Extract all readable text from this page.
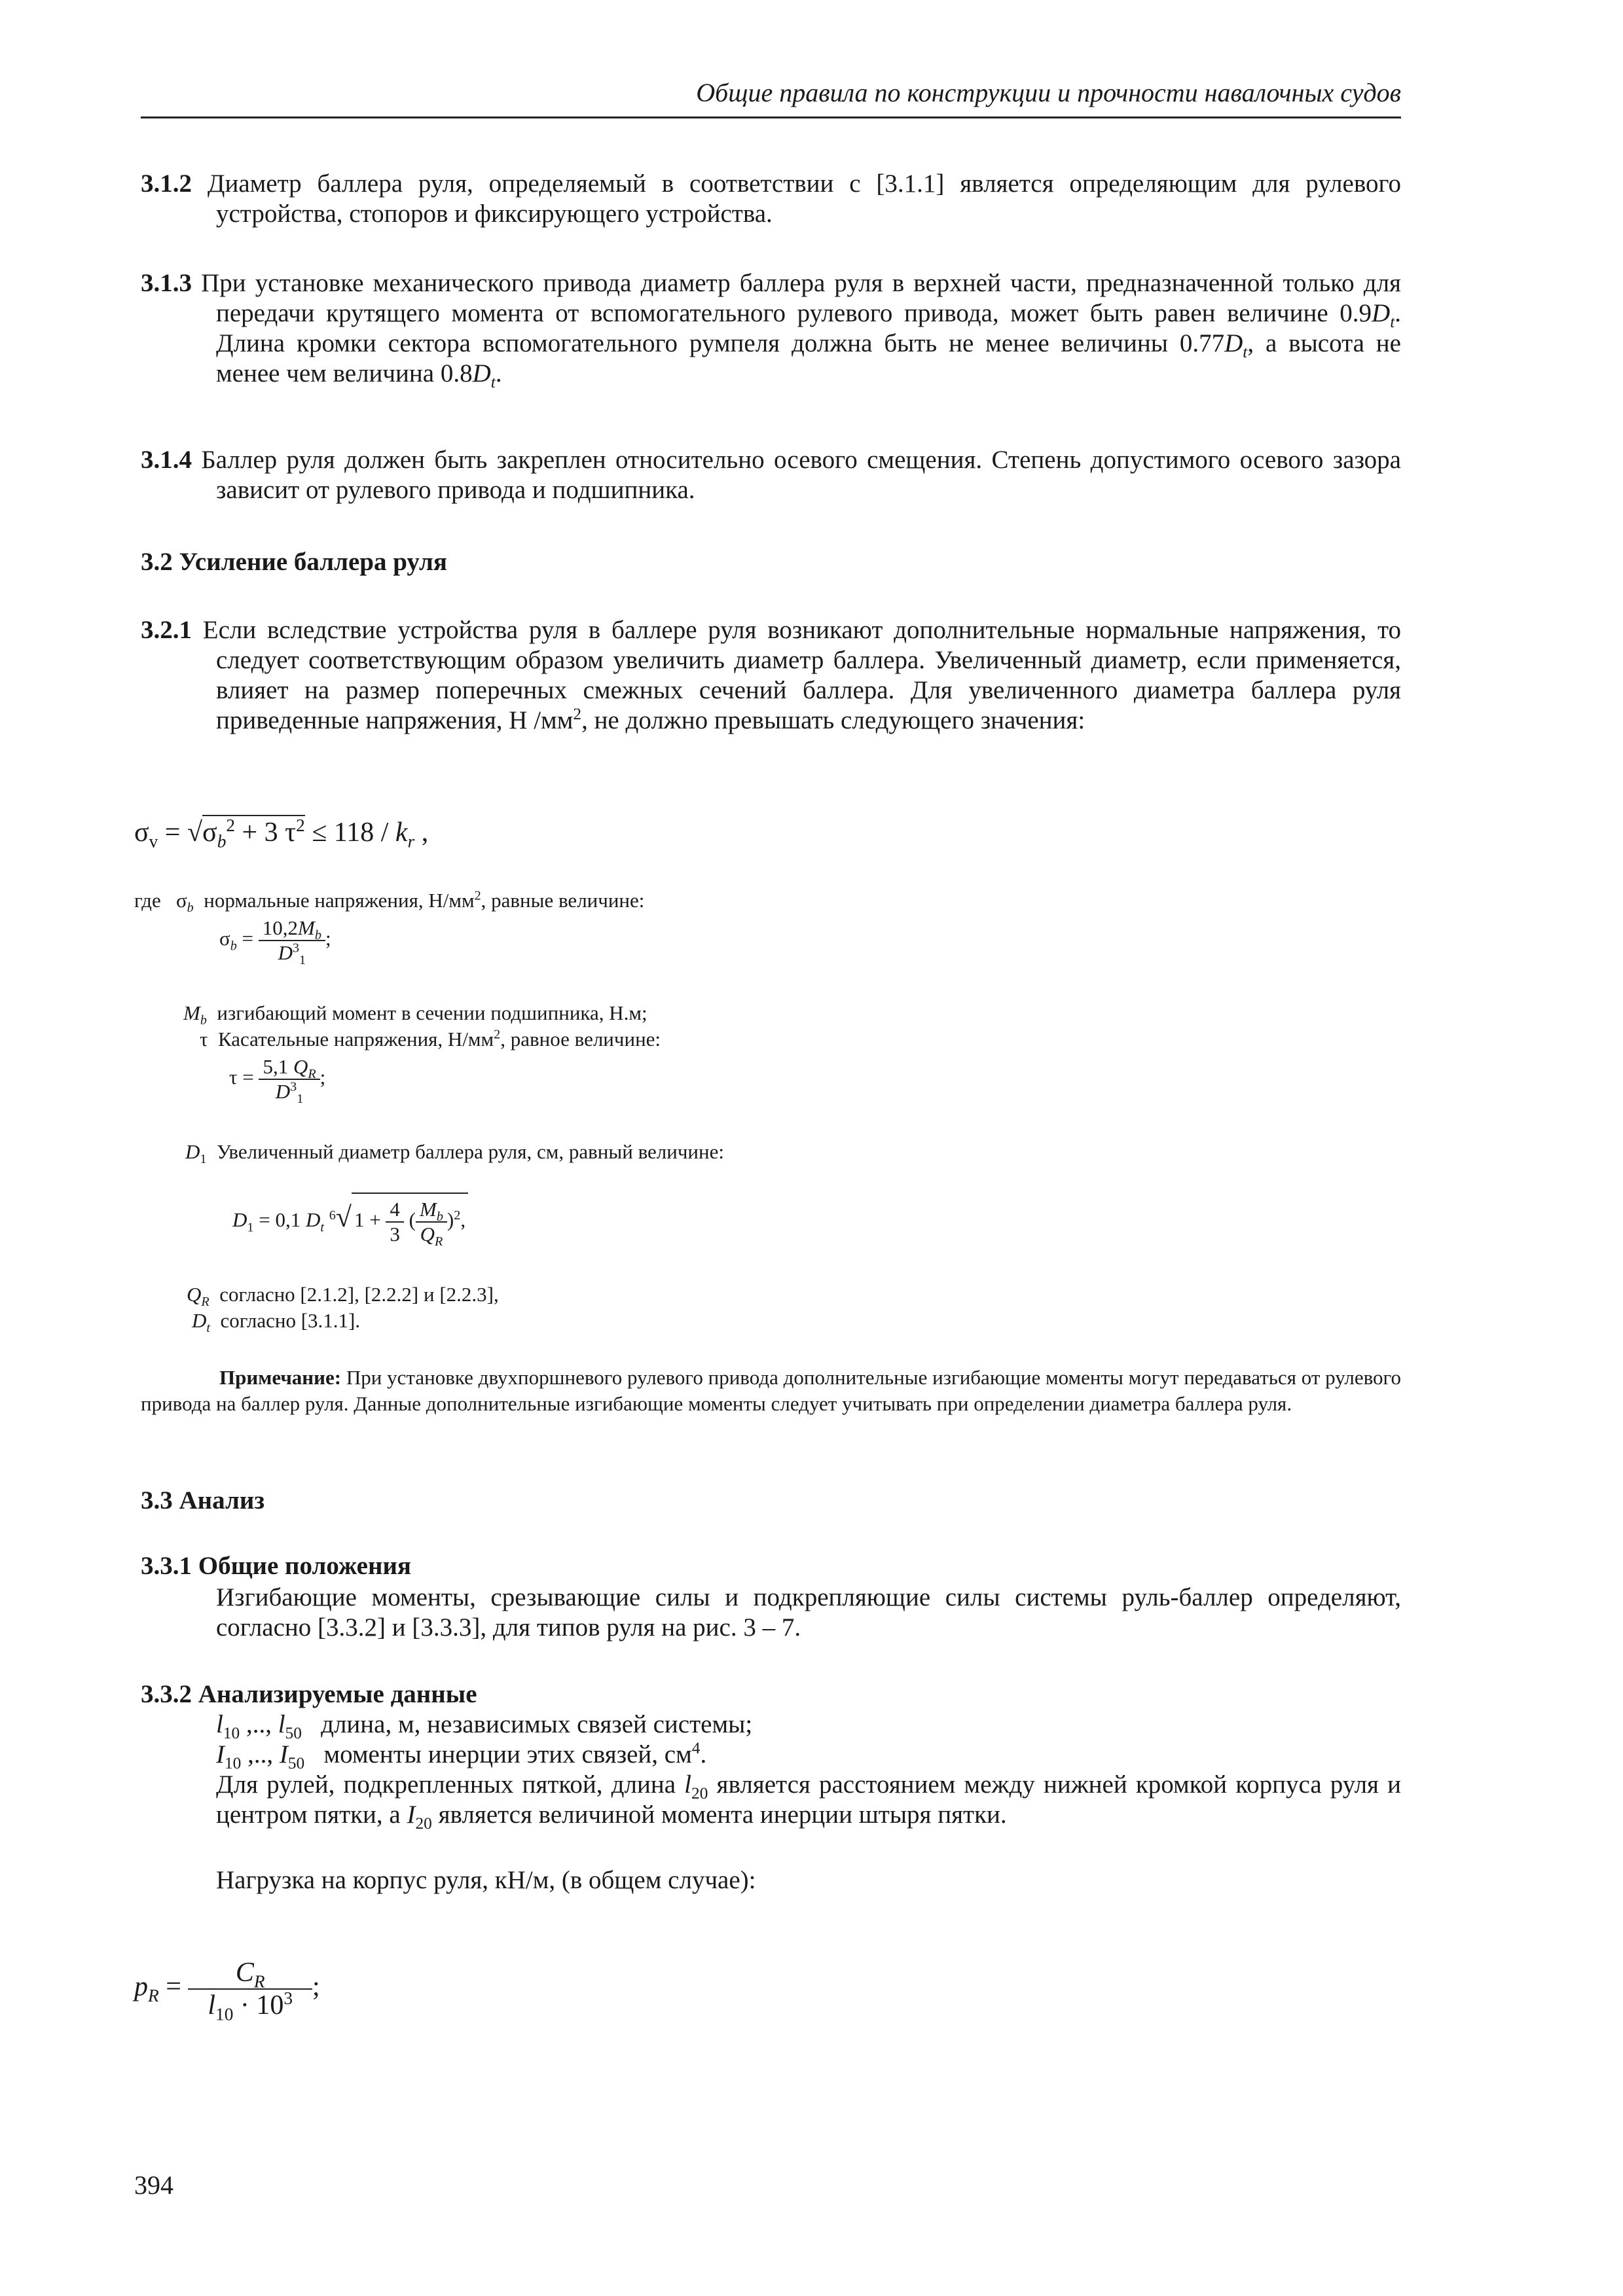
Общие правила по конструкции и прочности навалочных судов
3.1.2 Диаметр баллера руля, определяемый в соответствии с [3.1.1] является определяющим для рулевого устройства, стопоров и фиксирующего устройства.
3.1.3 При установке механического привода диаметр баллера руля в верхней части, предназначенной только для передачи крутящего момента от вспомогательного рулевого привода, может быть равен величине $0.9D_t$. Длина кромки сектора вспомогательного румпеля должна быть не менее величины $0.77D_t$, а высота не менее чем величина $0.8D_t$.
3.1.4 Баллер руля должен быть закреплен относительно осевого смещения. Степень допустимого осевого зазора зависит от рулевого привода и подшипника.
3.2 Усиление баллера руля
3.2.1 Если вследствие устройства руля в баллере руля возникают дополнительные нормальные напряжения, то следует соответствующим образом увеличить диаметр баллера. Увеличенный диаметр, если применяется, влияет на размер поперечных смежных сечений баллера. Для увеличенного диаметра баллера руля приведенные напряжения, Н $/мм^2$, не должно превышать следующего значения:
$\sigma_v = √\sigma_b^2 + 3$ $\tau^2 \le 118 / k_r$ ,
где $\sigma_b$ нормальные напряжения, $Н/мм^2$, равные величине:
$\sigma_b = \frac{10,2M_b}{D^3_1}$ ;
$M_b$ изгибающий момент в сечении подшипника, Н.м;
τ Касательные напряжения, $Н/мм^2$, равное величине:
$\tau = \frac{5,1 Q_R}{D^3_1}$ ;
$D_1$ Увеличенный диаметр баллера руля, см, равный величине:
$D_1 = 0,1$ $D_t$ $^6$√ $1 + \frac{4}{3}$ ( $\frac{M_b}{Q_R} )^2$,
$Q_R$ согласно [2.1.2], [2.2.2] и [2.2.3],
$D_t$ согласно [3.1.1].
Примечание: При установке двухпоршневого рулевого привода дополнительные изгибающие моменты могут передаваться от рулевого привода на баллер руля. Данные дополнительные изгибающие моменты следует учитывать при определении диаметра баллера руля.
3.3 Анализ
3.3.1 Общие положения
Изгибающие моменты, срезывающие силы и подкрепляющие силы системы руль-баллер определяют, согласно [3.3.2] и [3.3.3], для типов руля на рис. 3 – 7.
3.3.2 Анализируемые данные
$l_{10}$ ,.., $l_{50}$ длина, м, независимых связей системы;
$I_{10}$ ,.., $I_{50}$ моменты инерции этих связей, $см^4$.
Для рулей, подкрепленных пяткой, длина $l_{20}$ является расстоянием между нижней кромкой корпуса руля и центром пятки, а $I_{20}$ является величиной момента инерции штыря пятки.
Нагрузка на корпус руля, кН/м, (в общем случае):
$p_R = \frac{C_R}{l_{10} \cdot 10^3}$ ;
394
